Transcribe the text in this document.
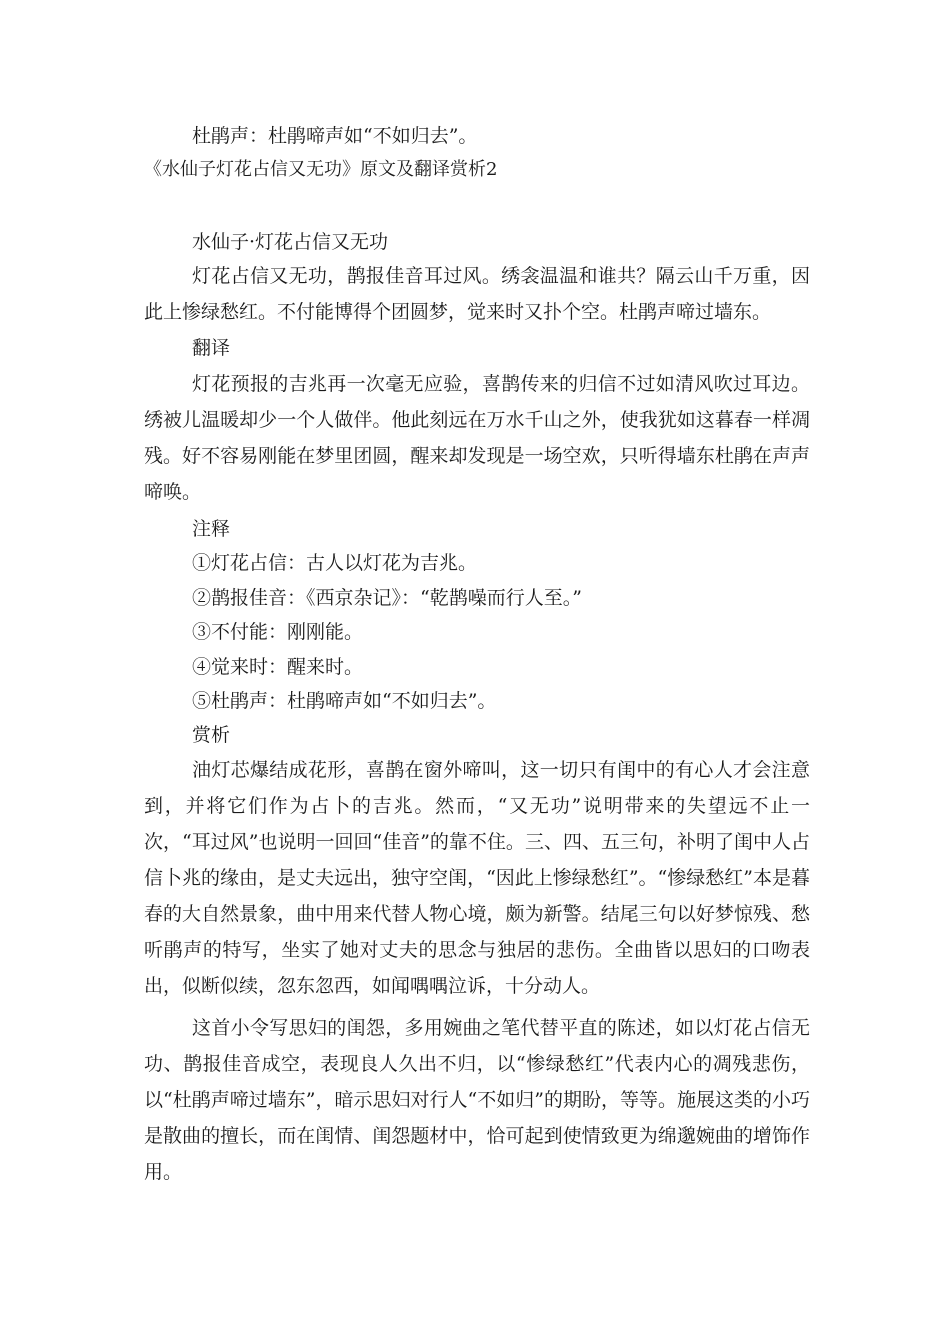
杜鹃声：杜鹃啼声如“不如归去”。
《水仙子灯花占信又无功》原文及翻译赏析2
水仙子·灯花占信又无功

灯花占信又无功，鹊报佳音耳过风。绣衾温温和谁共？隔云山千万重，因此上惨绿愁红。不付能博得个团圆梦，觉来时又扑个空。杜鹃声啼过墙东。

翻译

灯花预报的吉兆再一次毫无应验，喜鹊传来的归信不过如清风吹过耳边。绣被儿温暖却少一个人做伴。他此刻远在万水千山之外，使我犹如这暮春一样凋残。好不容易刚能在梦里团圆，醒来却发现是一场空欢，只听得墙东杜鹃在声声啼唤。

注释
①灯花占信：古人以灯花为吉兆。
②鹊报佳音：《西京杂记》：“乾鹊噪而行人至。”
③不付能：刚刚能。
④觉来时：醒来时。
⑤杜鹃声：杜鹃啼声如“不如归去”。
赏析

油灯芯爆结成花形，喜鹊在窗外啼叫，这一切只有闺中的有心人才会注意到，并将它们作为占卜的吉兆。然而，“又无功”说明带来的失望远不止一次，“耳过风”也说明一回回“佳音”的靠不住。三、四、五三句，补明了闺中人占信卜兆的缘由，是丈夫远出，独守空闺，“因此上惨绿愁红”。“惨绿愁红”本是暮春的大自然景象，曲中用来代替人物心境，颇为新警。结尾三句以好梦惊残、愁听鹃声的特写，坐实了她对丈夫的思念与独居的悲伤。全曲皆以思妇的口吻表出，似断似续，忽东忽西，如闻喁喁泣诉，十分动人。

这首小令写思妇的闺怨，多用婉曲之笔代替平直的陈述，如以灯花占信无功、鹊报佳音成空，表现良人久出不归，以“惨绿愁红”代表内心的凋残悲伤，以“杜鹃声啼过墙东”，暗示思妇对行人“不如归”的期盼，等等。施展这类的小巧是散曲的擅长，而在闺情、闺怨题材中，恰可起到使情致更为绵邈婉曲的增饰作用。
